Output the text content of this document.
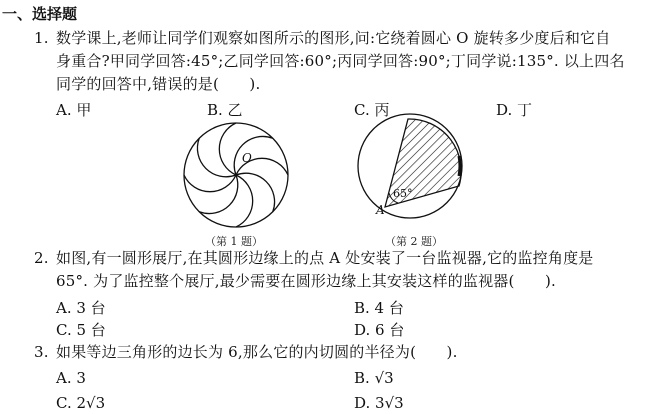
一、选择题
1. 数学课上,老师让同学们观察如图所示的图形,问:它绕着圆心 O 旋转多少度后和它自
身重合?甲同学回答:45°;乙同学回答:60°;丙同学回答:90°;丁同学说:135°. 以上四名
同学的回答中,错误的是(　　).
A. 甲	B. 乙	C. 丙	D. 丁
O
（第 1 题）
A
65°
（第 2 题）
2. 如图,有一圆形展厅,在其圆形边缘上的点 A 处安装了一台监视器,它的监控角度是
65°. 为了监控整个展厅,最少需要在圆形边缘上其安装这样的监视器(　　).
A. 3 台	B. 4 台
C. 5 台	D. 6 台
3. 如果等边三角形的边长为 6,那么它的内切圆的半径为(　　).
A. 3	B. √3
C. 2√3	D. 3√3
